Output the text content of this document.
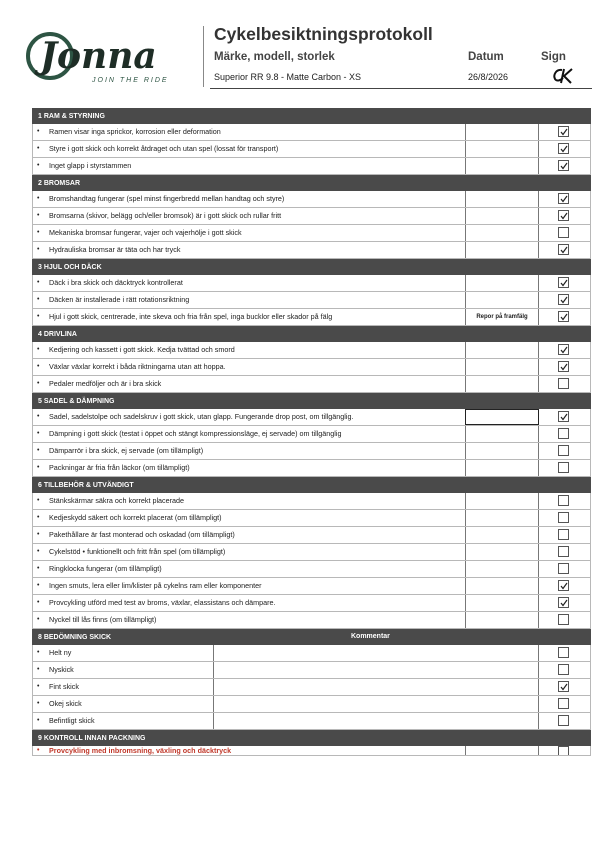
Jonna
JOIN THE RIDE
Cykelbesiktningsprotokoll
Märke, modell, storlek	Datum	Sign
Superior RR 9.8 - Matte Carbon - XS	26/8/2026
1 RAM & STYRNING
• Ramen visar inga sprickor, korrosion eller deformation
• Styre i gott skick och korrekt åtdraget och utan spel (lossat för transport)
• Inget glapp i styrstammen
2 BROMSAR
• Bromshandtag fungerar (spel minst fingerbredd mellan handtag och styre)
• Bromsarna (skivor, belägg och/eller bromsok) är i gott skick och rullar fritt
• Mekaniska bromsar fungerar, vajer och vajerhölje i gott skick
• Hydrauliska bromsar är täta och har tryck
3 HJUL OCH DÄCK
• Däck i bra skick och däcktryck kontrollerat
• Däcken är installerade i rätt rotationsriktning
• Hjul i gott skick, centrerade, inte skeva och fria från spel, inga bucklor eller skador på fälg	Repor på framfälg
4 DRIVLINA
• Kedjering och kassett i gott skick. Kedja tvättad och smord
• Växlar växlar korrekt i båda riktningarna utan att hoppa.
• Pedaler medföljer och är i bra skick
5 SADEL & DÄMPNING
• Sadel, sadelstolpe och sadelskruv i gott skick, utan glapp. Fungerande drop post, om tillgänglig.
• Dämpning i gott skick (testat i öppet och stängt kompressionsläge, ej servade) om tillgänglig
• Dämparrör i bra skick, ej servade (om tillämpligt)
• Packningar är fria från läckor (om tillämpligt)
6 TILLBEHÖR & UTVÄNDIGT
• Stänkskärmar säkra och korrekt placerade
• Kedjeskydd säkert och korrekt placerat (om tillämpligt)
• Pakethållare är fast monterad och oskadad (om tillämpligt)
• Cykelstöd • funktionellt och fritt från spel (om tillämpligt)
• Ringklocka fungerar (om tillämpligt)
• Ingen smuts, lera eller lim/klister på cykelns ram eller komponenter
• Provcykling utförd med test av broms, växlar, elassistans och dämpare.
• Nyckel till lås finns (om tillämpligt)
8 BEDÖMNING SKICK	Kommentar
• Helt ny
• Nyskick
• Fint skick
• Okej skick
• Befintligt skick
9 KONTROLL INNAN PACKNING
• Provcykling med inbromsning, växling och däcktryck
